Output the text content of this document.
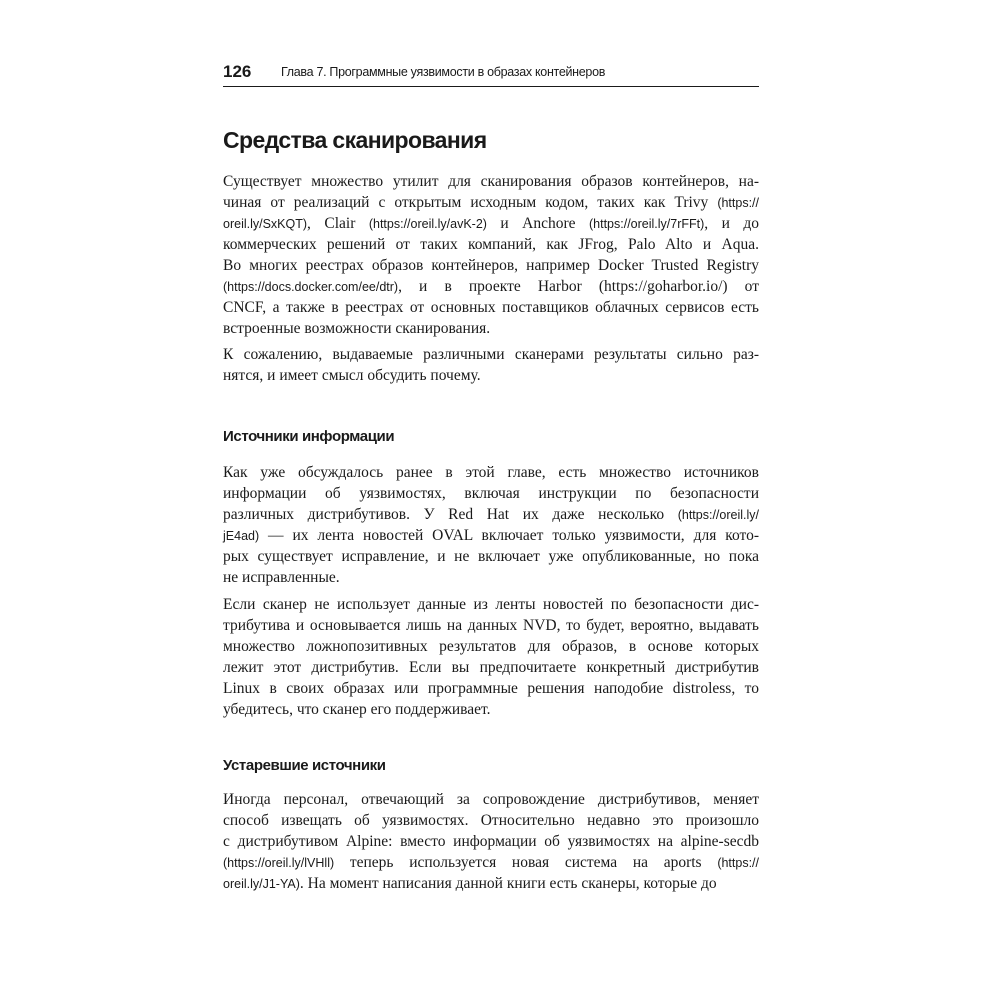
126 Глава 7. Программные уязвимости в образах контейнеров
Средства сканирования
Существует множество утилит для сканирования образов контейнеров, на-
чиная от реализаций с открытым исходным кодом, таких как Trivy (https://
oreil.ly/SxKQT), Clair (https://oreil.ly/avK-2) и Anchore (https://oreil.ly/7rFFt), и до
коммерческих решений от таких компаний, как JFrog, Palo Alto и Aqua.
Во многих реестрах образов контейнеров, например Docker Trusted Registry
(https://docs.docker.com/ee/dtr), и в проекте Harbor (https://goharbor.io/) от
CNCF, а также в реестрах от основных поставщиков облачных сервисов есть
встроенные возможности сканирования.
К сожалению, выдаваемые различными сканерами результаты сильно раз-
нятся, и имеет смысл обсудить почему.
Источники информации
Как уже обсуждалось ранее в этой главе, есть множество источников
информации об уязвимостях, включая инструкции по безопасности
различных дистрибутивов. У Red Hat их даже несколько (https://oreil.ly/
jE4ad) — их лента новостей OVAL включает только уязвимости, для кото-
рых существует исправление, и не включает уже опубликованные, но пока
не исправленные.
Если сканер не использует данные из ленты новостей по безопасности дис-
трибутива и основывается лишь на данных NVD, то будет, вероятно, выдавать
множество ложнопозитивных результатов для образов, в основе которых
лежит этот дистрибутив. Если вы предпочитаете конкретный дистрибутив
Linux в своих образах или программные решения наподобие distroless, то
убедитесь, что сканер его поддерживает.
Устаревшие источники
Иногда персонал, отвечающий за сопровождение дистрибутивов, меняет
способ извещать об уязвимостях. Относительно недавно это произошло
с дистрибутивом Alpine: вместо информации об уязвимостях на alpine-secdb
(https://oreil.ly/lVHll) теперь используется новая система на aports (https://
oreil.ly/J1-YA). На момент написания данной книги есть сканеры, которые до
